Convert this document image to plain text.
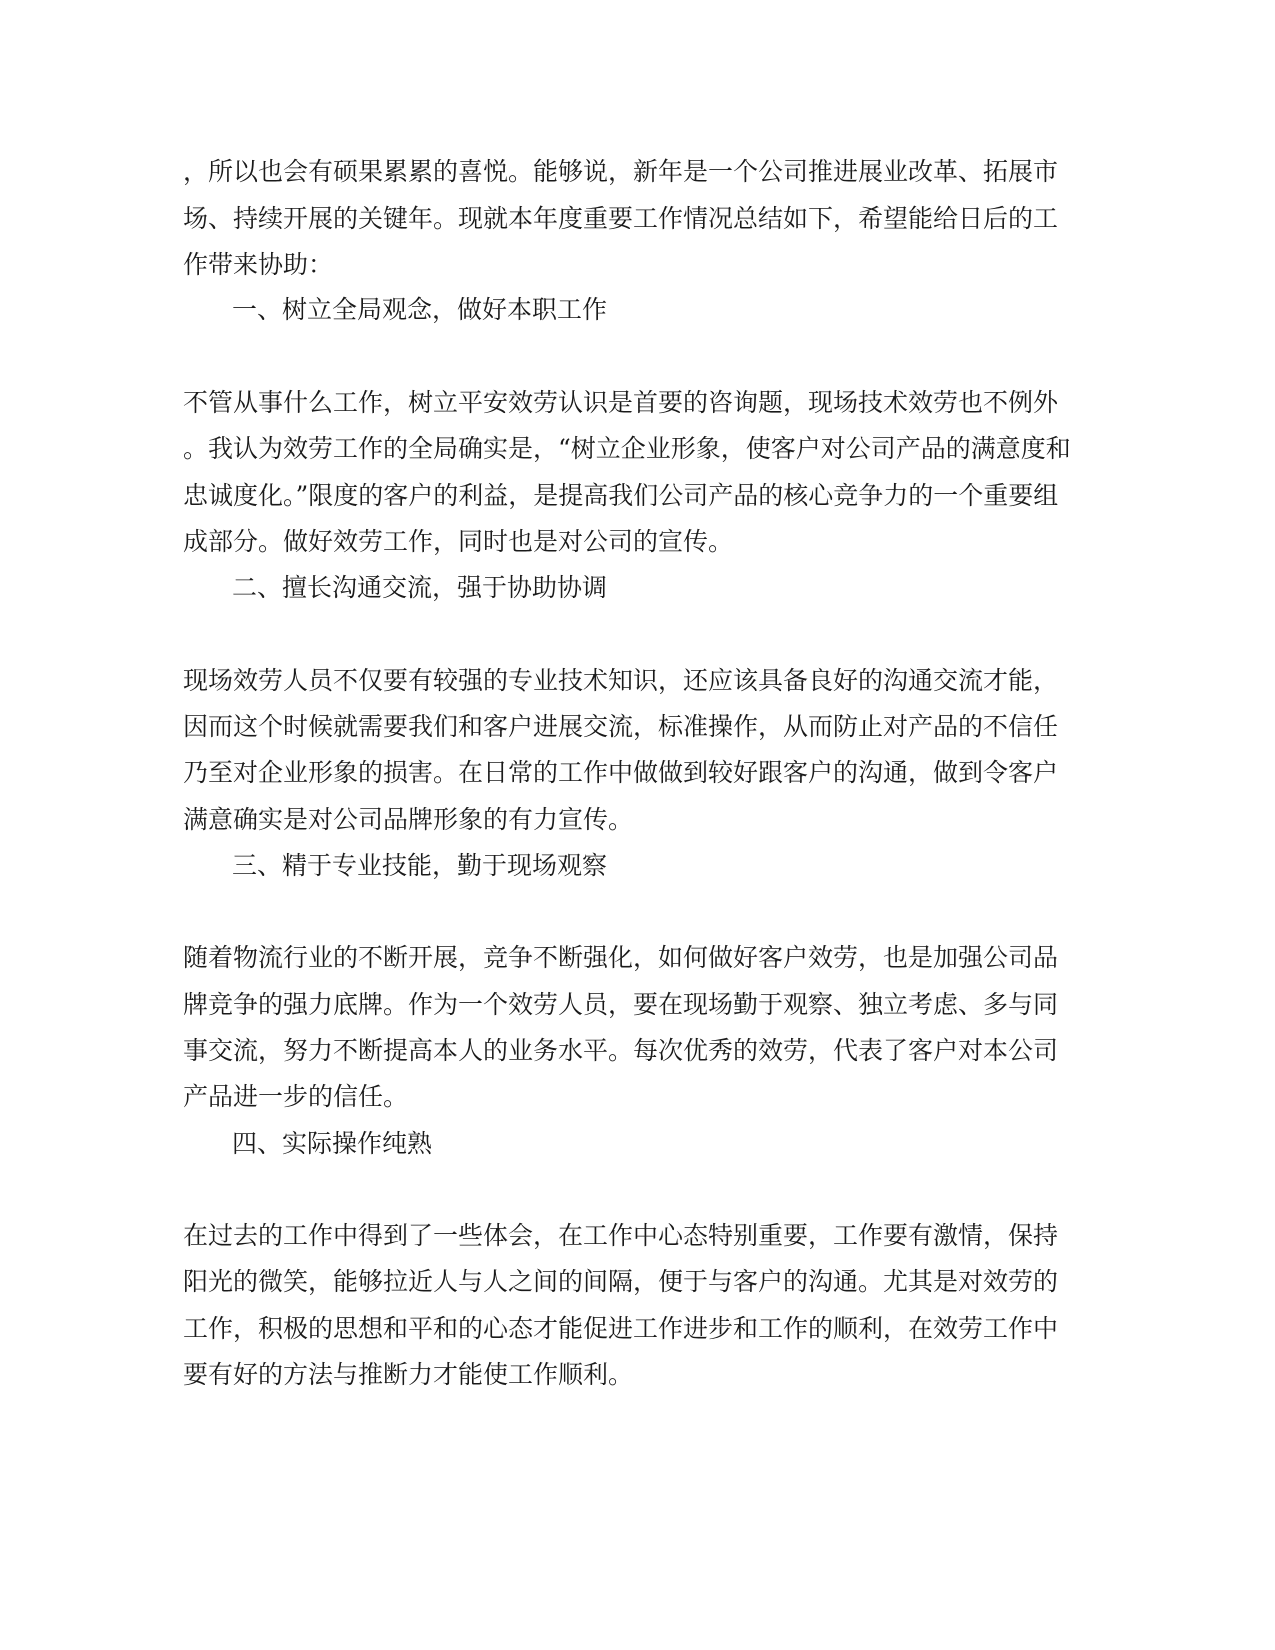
，所以也会有硕果累累的喜悦。能够说，新年是一个公司推进展业改革、拓展市
场、持续开展的关键年。现就本年度重要工作情况总结如下，希望能给日后的工
作带来协助：
一、树立全局观念，做好本职工作
不管从事什么工作，树立平安效劳认识是首要的咨询题，现场技术效劳也不例外
。我认为效劳工作的全局确实是，“树立企业形象，使客户对公司产品的满意度和
忠诚度化。”限度的客户的利益，是提高我们公司产品的核心竞争力的一个重要组
成部分。做好效劳工作，同时也是对公司的宣传。
二、擅长沟通交流，强于协助协调
现场效劳人员不仅要有较强的专业技术知识，还应该具备良好的沟通交流才能，
因而这个时候就需要我们和客户进展交流，标准操作，从而防止对产品的不信任
乃至对企业形象的损害。在日常的工作中做做到较好跟客户的沟通，做到令客户
满意确实是对公司品牌形象的有力宣传。
三、精于专业技能，勤于现场观察
随着物流行业的不断开展，竞争不断强化，如何做好客户效劳，也是加强公司品
牌竞争的强力底牌。作为一个效劳人员，要在现场勤于观察、独立考虑、多与同
事交流，努力不断提高本人的业务水平。每次优秀的效劳，代表了客户对本公司
产品进一步的信任。
四、实际操作纯熟
在过去的工作中得到了一些体会，在工作中心态特别重要，工作要有激情，保持
阳光的微笑，能够拉近人与人之间的间隔，便于与客户的沟通。尤其是对效劳的
工作，积极的思想和平和的心态才能促进工作进步和工作的顺利，在效劳工作中
要有好的方法与推断力才能使工作顺利。
